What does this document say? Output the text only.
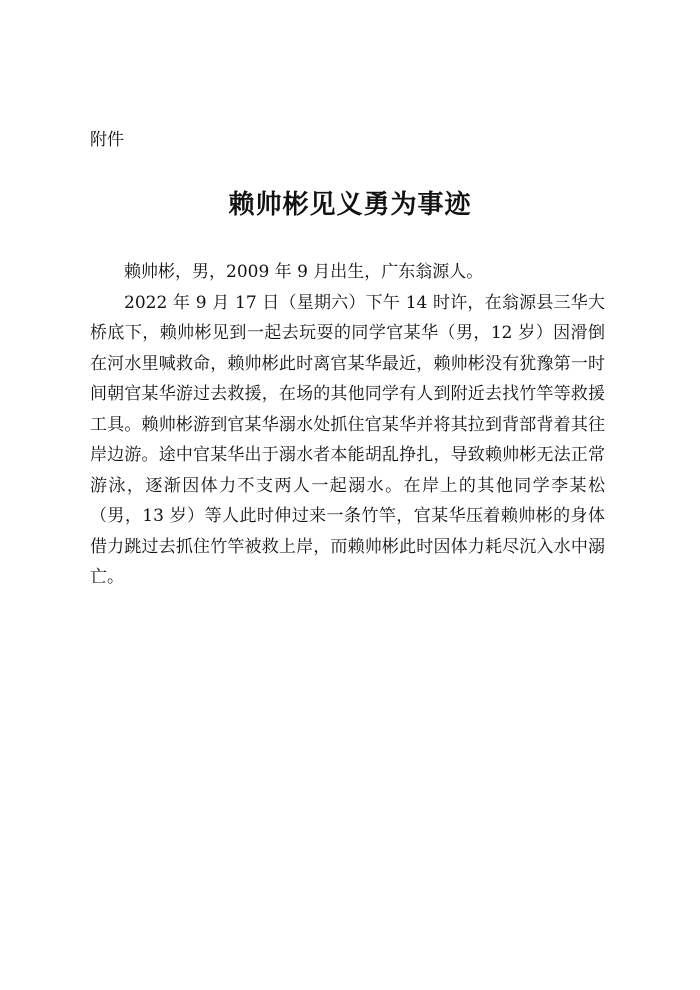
附件
赖帅彬见义勇为事迹

赖帅彬，男，2009 年 9 月出生，广东翁源人。

2022 年 9 月 17 日（星期六）下午 14 时许，在翁源县三华大桥底下，赖帅彬见到一起去玩耍的同学官某华（男，12 岁）因滑倒在河水里喊救命，赖帅彬此时离官某华最近，赖帅彬没有犹豫第一时间朝官某华游过去救援，在场的其他同学有人到附近去找竹竿等救援工具。赖帅彬游到官某华溺水处抓住官某华并将其拉到背部背着其往岸边游。途中官某华出于溺水者本能胡乱挣扎，导致赖帅彬无法正常游泳，逐渐因体力不支两人一起溺水。在岸上的其他同学李某松（男，13 岁）等人此时伸过来一条竹竿，官某华压着赖帅彬的身体借力跳过去抓住竹竿被救上岸，而赖帅彬此时因体力耗尽沉入水中溺亡。
